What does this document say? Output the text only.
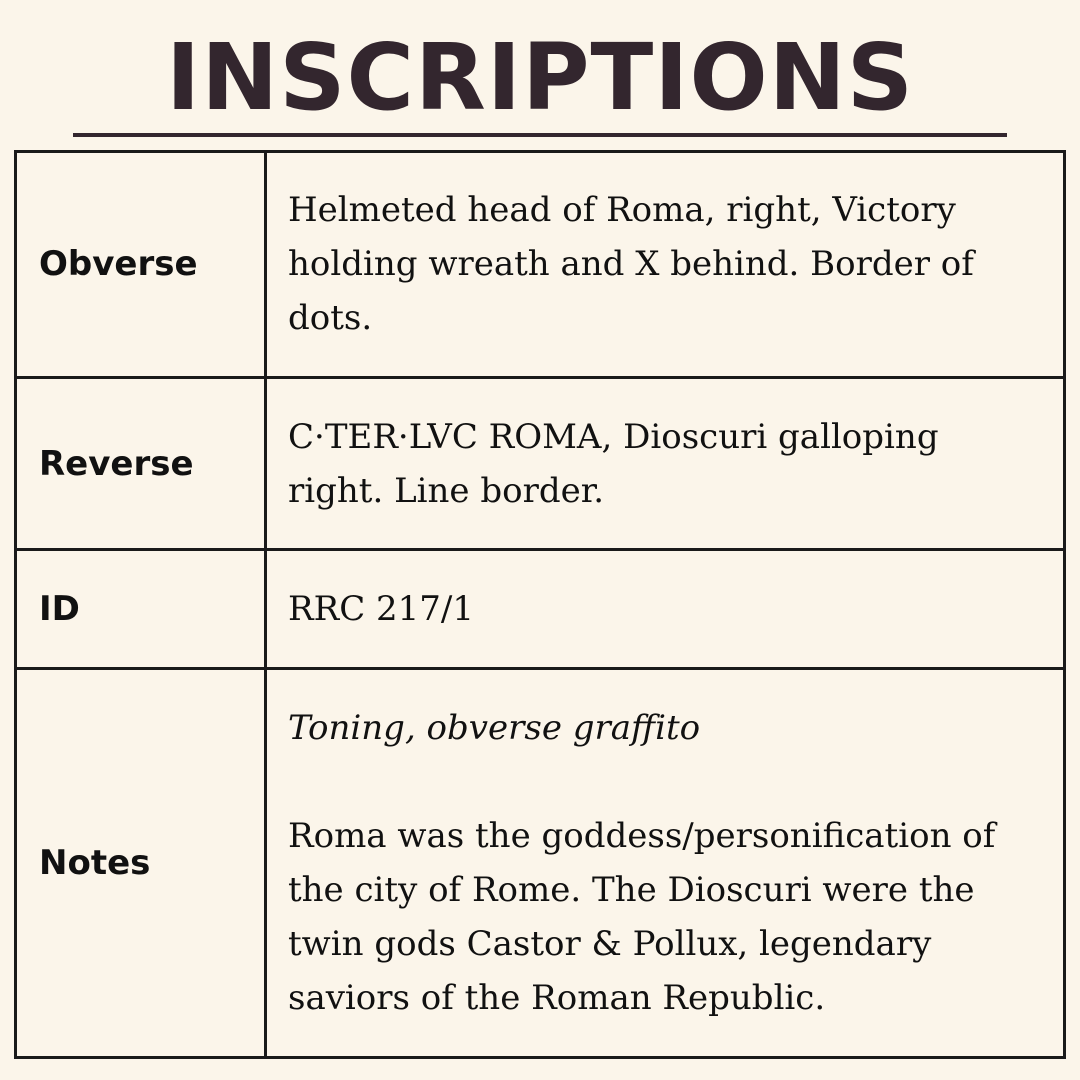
INSCRIPTIONS
Obverse	Helmeted head of Roma, right, Victory holding wreath and X behind. Border of dots.
Reverse	C·TER·LVC ROMA, Dioscuri galloping right. Line border.
ID	RRC 217/1
Notes	Toning, obverse graffito
Roma was the goddess/personification of the city of Rome. The Dioscuri were the twin gods Castor & Pollux, legendary saviors of the Roman Republic.
